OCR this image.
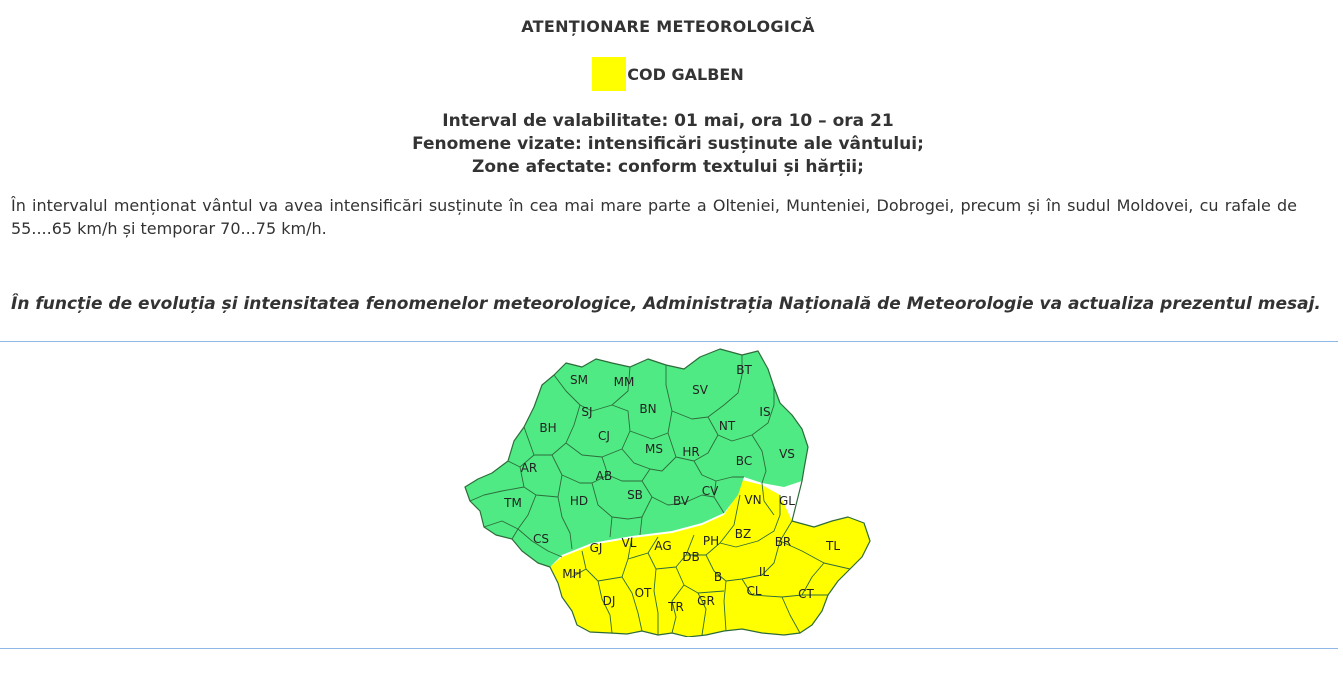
ATENȚIONARE METEOROLOGICĂ
COD GALBEN
Interval de valabilitate: 01 mai, ora 10 – ora 21
Fenomene vizate: intensificări susținute ale vântului;
Zone afectate: conform textului și hărții;
În intervalul menționat vântul va avea intensificări susținute în cea mai mare parte a Olteniei, Munteniei, Dobrogei, precum și în sudul Moldovei, cu rafale de 55....65 km/h și temporar 70...75 km/h.
În funcție de evoluția și intensitatea fenomenelor meteorologice, Administrația Națională de Meteorologie va actualiza prezentul mesaj.
SM MM
BT
SV
IS
SJ	BN
BH
CJ
NT
MS HR	VS
BC
AR
AB
CV
SB	BV
TM	HD
CS
VN GL
PH BZ
BR	TL
GJ VL AG
DB
MH	B	IL
DJ
OT	CL
TR GR	CT
